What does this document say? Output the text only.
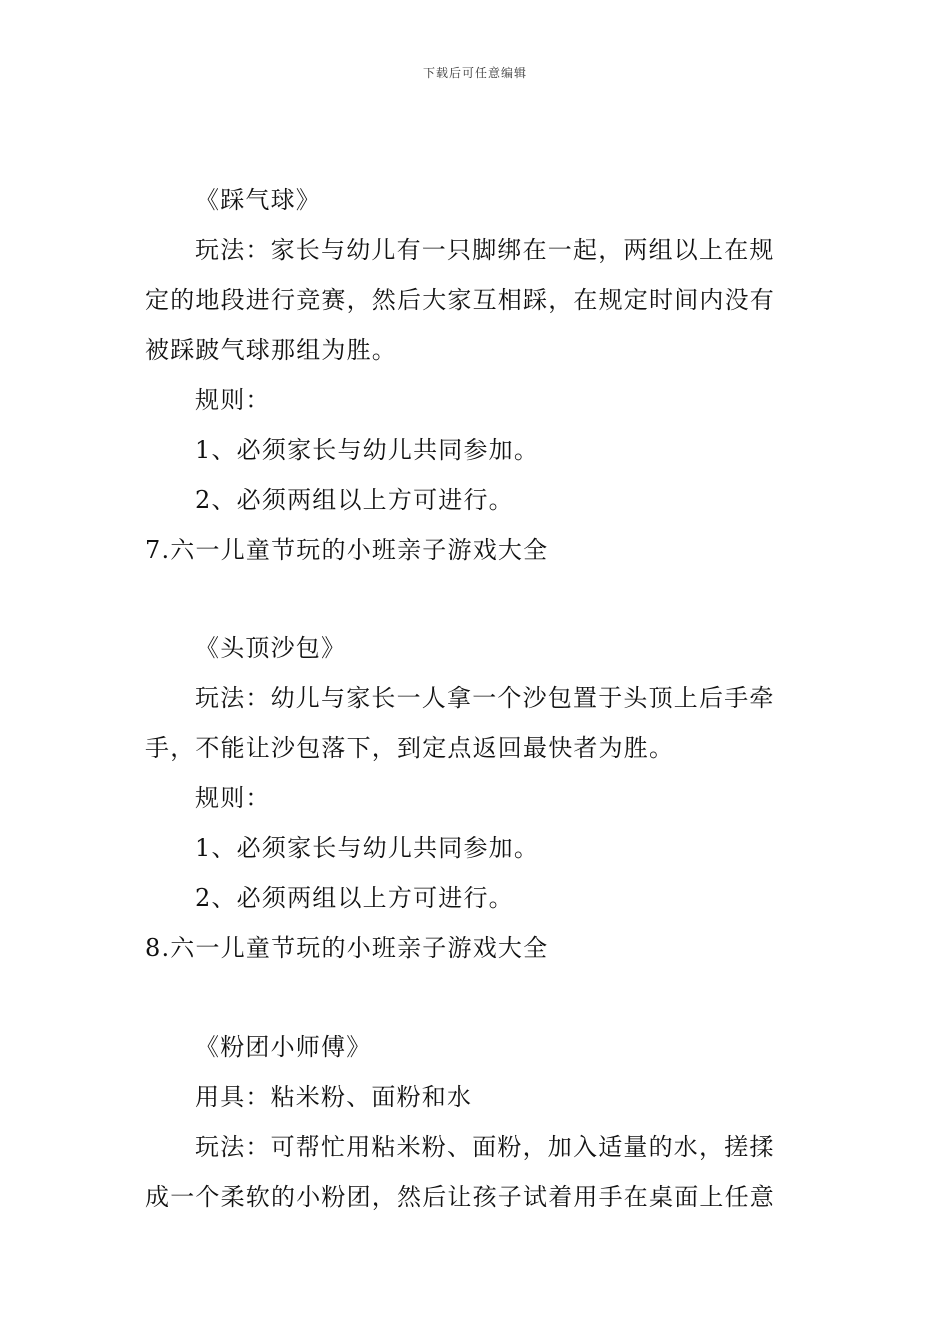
下载后可任意编辑
《踩气球》
玩法：家长与幼儿有一只脚绑在一起，两组以上在规
定的地段进行竞赛，然后大家互相踩，在规定时间内没有
被踩跛气球那组为胜。
规则：
1、必须家长与幼儿共同参加。
2、必须两组以上方可进行。
7.六一儿童节玩的小班亲子游戏大全
《头顶沙包》
玩法：幼儿与家长一人拿一个沙包置于头顶上后手牵
手，不能让沙包落下，到定点返回最快者为胜。
规则：
1、必须家长与幼儿共同参加。
2、必须两组以上方可进行。
8.六一儿童节玩的小班亲子游戏大全
《粉团小师傅》
用具：粘米粉、面粉和水
玩法：可帮忙用粘米粉、面粉，加入适量的水，搓揉
成一个柔软的小粉团，然后让孩子试着用手在桌面上任意
